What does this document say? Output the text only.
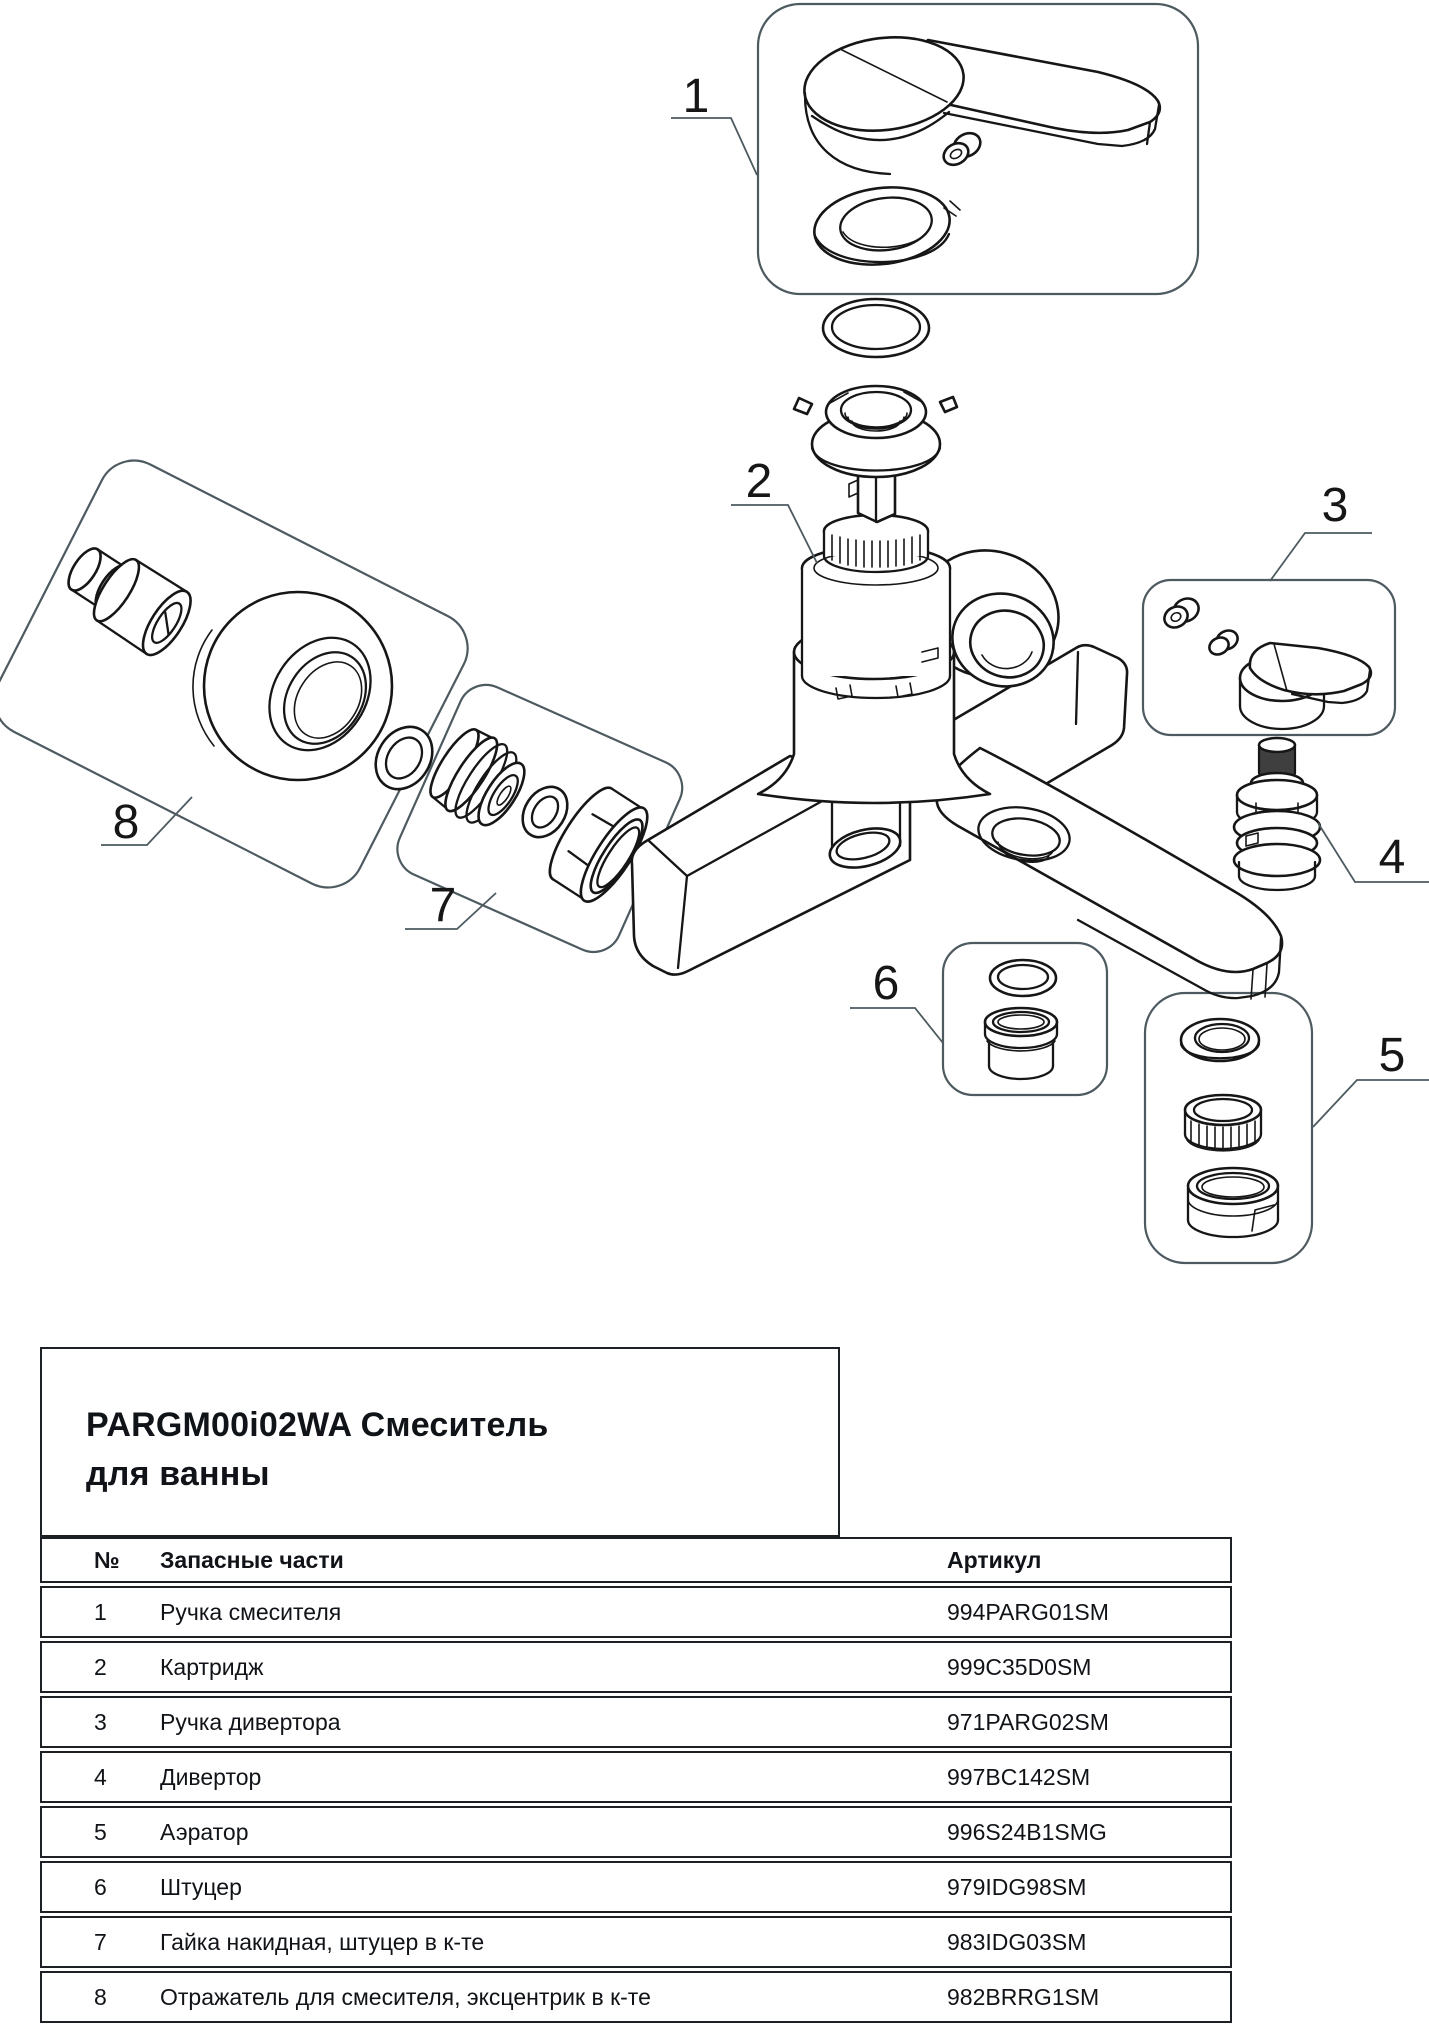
1
2	3
4
5
6
7
8
PARGM00i02WA Смеситель для ванны
№	Запасные части	Артикул
1	Ручка смесителя	994PARG01SM
2	Картридж	999C35D0SM
3	Ручка дивертора	971PARG02SM
4	Дивертор	997BC142SM
5	Аэратор	996S24B1SMG
6	Штуцер	979IDG98SM
7	Гайка накидная, штуцер в к-те	983IDG03SM
8	Отражатель для смесителя, эксцентрик в к-те	982BRRG1SM
